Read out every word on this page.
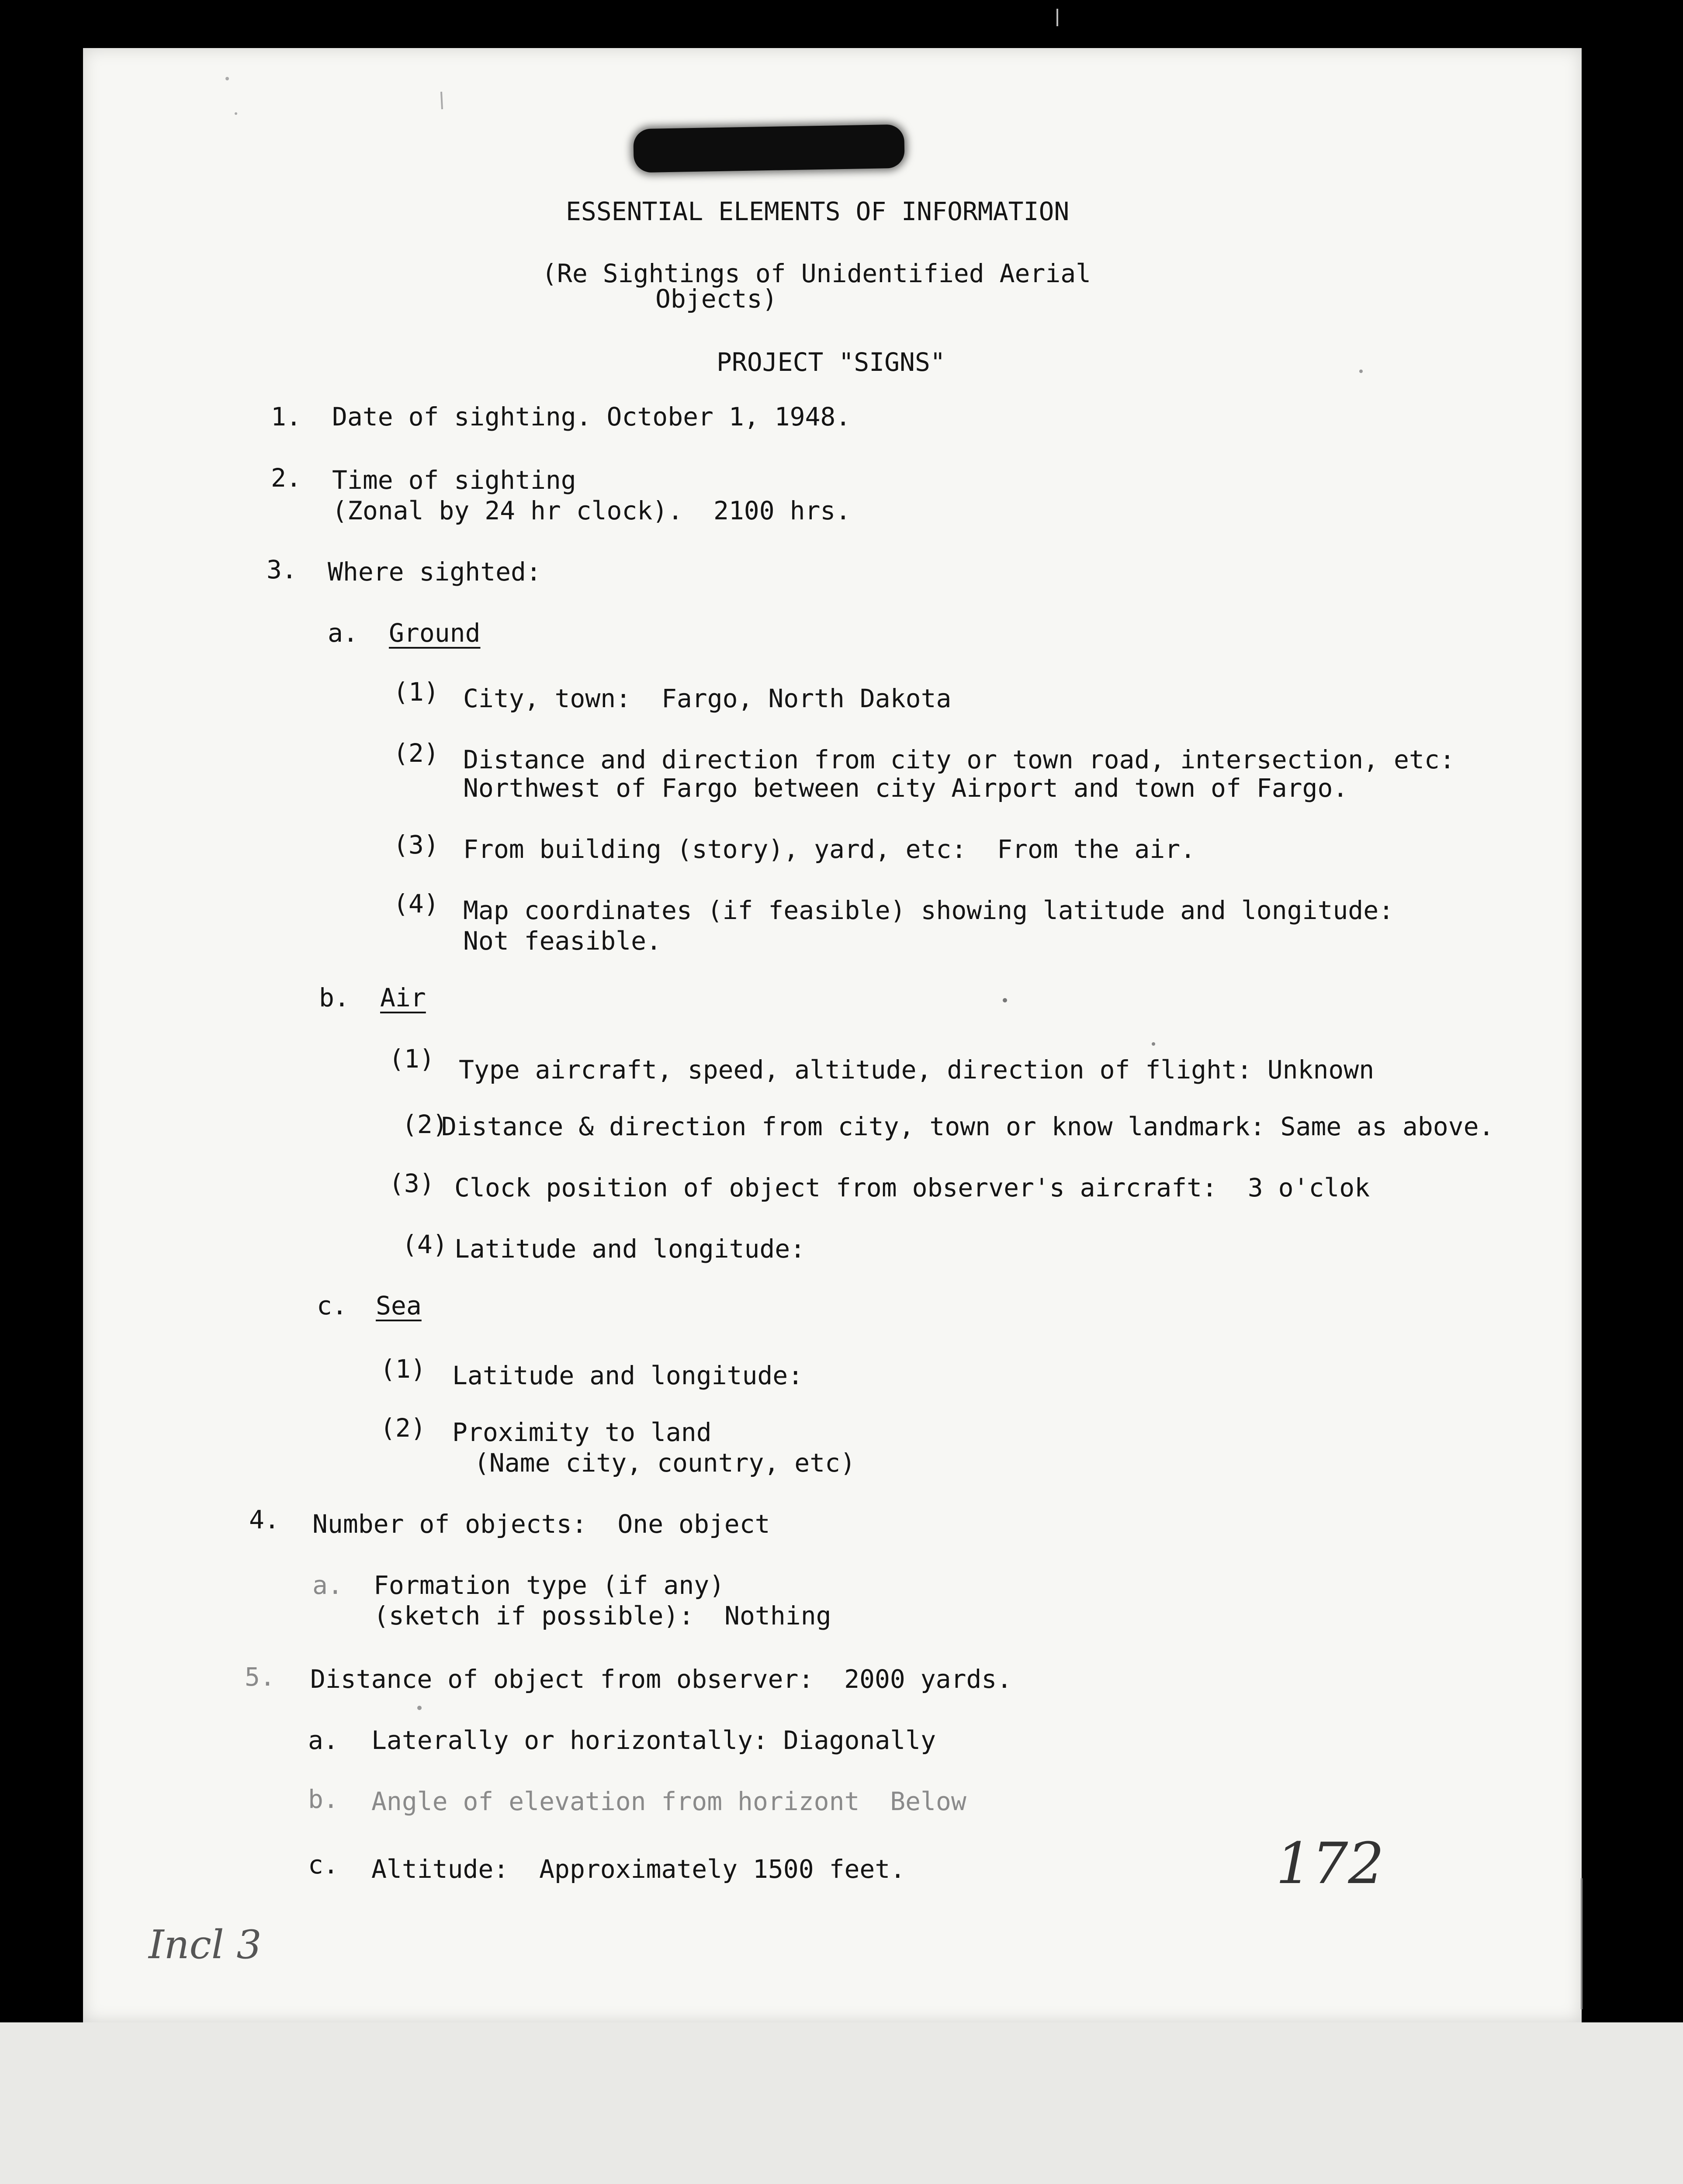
ESSENTIAL ELEMENTS OF INFORMATION
(Re Sightings of Unidentified Aerial
Objects)
PROJECT "SIGNS"
1. Date of sighting. October 1, 1948.
2. Time of sighting
(Zonal by 24 hr clock).  2100 hrs.
3. Where sighted:
a. Ground
(1) City, town:  Fargo, North Dakota
(2) Distance and direction from city or town road, intersection, etc:
Northwest of Fargo between city Airport and town of Fargo.
(3) From building (story), yard, etc:  From the air.
(4) Map coordinates (if feasible) showing latitude and longitude:
Not feasible.
b. Air
(1) Type aircraft, speed, altitude, direction of flight: Unknown
(2)
Distance & direction from city, town or know landmark: Same as above.
(3) Clock position of object from observer's aircraft:  3 o'clok
(4) Latitude and longitude:
c. Sea
(1) Latitude and longitude:
(2) Proximity to land
(Name city, country, etc)
4. Number of objects:  One object
a. Formation type (if any)
(sketch if possible):  Nothing
5. Distance of object from observer:  2000 yards.
a. Laterally or horizontally: Diagonally
b. Angle of elevation from horizont  Below
c. Altitude:  Approximately 1500 feet.
Incl 3
172
